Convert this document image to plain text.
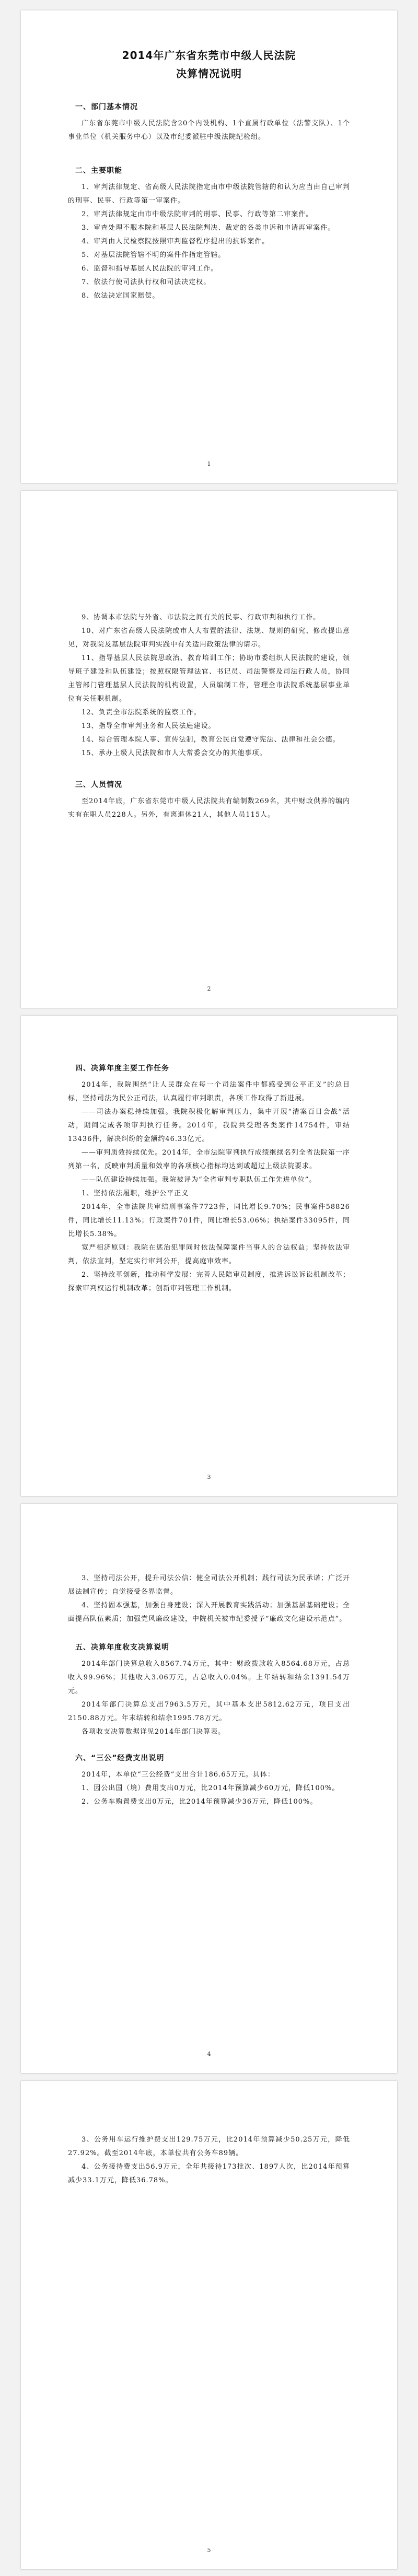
2014年广东省东莞市中级人民法院
决算情况说明
一、部门基本情况

广东省东莞市中级人民法院含20个内设机构、1个直属行政单位（法警支队）、1个事业单位（机关服务中心）以及市纪委派驻中级法院纪检组。

二、主要职能

1、审判法律规定、省高级人民法院指定由市中级法院管辖的和认为应当由自己审判的刑事、民事、行政等第一审案件。

2、审判法律规定由市中级法院审判的刑事、民事、行政等第二审案件。

3、审查处理不服本院和基层人民法院判决、裁定的各类申诉和申请再审案件。

4、审判由人民检察院按照审判监督程序提出的抗诉案件。

5、对基层法院管辖不明的案件作指定管辖。

6、监督和指导基层人民法院的审判工作。

7、依法行使司法执行权和司法决定权。

8、依法决定国家赔偿。

1

9、协调本市法院与外省、市法院之间有关的民事、行政审判和执行工作。

10、对广东省高级人民法院或市人大布置的法律、法规、规则的研究、修改提出意见，对我院及基层法院审判实践中有关适用政策法律的请示。

11、指导基层人民法院思政治、教育培训工作；协助市委组织人民法院的建设，领导班子建设和队伍建设；按照权限管理法官、书记员、司法警察及司法行政人员，协同主管部门管理基层人民法院的机构设置，人员编制工作，管理全市法院系统基层事业单位有关任职机制。

12、负责全市法院系统的监察工作。

13、指导全市审判业务和人民法庭建设。

14、综合管理本院人事、宣传法制，教育公民自觉遵守宪法、法律和社会公德。

15、承办上级人民法院和市人大常委会交办的其他事项。

三、人员情况

至2014年底，广东省东莞市中级人民法院共有编制数269名，其中财政供养的编内实有在职人员228人。另外，有离退休21人，其他人员115人。

2
四、决算年度主要工作任务

2014年，我院围绕“让人民群众在每一个司法案件中都感受到公平正义”的总目标，坚持司法为民公正司法，认真履行审判职责，各项工作取得了新进展。

——司法办案稳持续加强。我院积极化解审判压力，集中开展“清案百日会战”活动，期间完成各项审判执行任务。2014年，我院共受理各类案件14754件，审结13436件，解决纠纷的金额约46.33亿元。

——审判质效持续优先。2014年，全市法院审判执行成绩继续名列全省法院第一序列第一名，反映审判质量和效率的各项核心指标均达到或超过上级法院要求。

——队伍建设持续加强。我院被评为“全省审判专职队伍工作先进单位”。

1、坚持依法履职，维护公平正义

2014年，全市法院共审结刑事案件7723件，同比增长9.70%；民事案件58826件，同比增长11.13%；行政案件701件，同比增长53.06%；执结案件33095件，同比增长5.38%。

宽严相济原则：我院在惩治犯罪同时依法保障案件当事人的合法权益；坚持依法审判，依法宣判，坚定实行审判公开，提高庭审效率。

2、坚持改革创新，推动科学发展：完善人民陪审员制度，推进诉讼诉讼机制改革；探索审判权运行机制改革；创新审判管理工作机制。

3

3、坚持司法公开，提升司法公信：健全司法公开机制；践行司法为民承诺；广泛开展法制宣传；自觉接受各界监督。

4、坚持固本强基，加强自身建设；深入开展教育实践活动；加强基层基础建设；全面提高队伍素质；加强党风廉政建设，中院机关被市纪委授予“廉政文化建设示范点”。

五、决算年度收支决算说明

2014年部门决算总收入8567.74万元，其中：财政拨款收入8564.68万元，占总收入99.96%；其他收入3.06万元，占总收入0.04%。上年结转和结余1391.54万元。

2014年部门决算总支出7963.5万元，其中基本支出5812.62万元，项目支出2150.88万元。年末结转和结余1995.78万元。

各项收支决算数据详见2014年部门决算表。

六、“三公”经费支出说明

2014年，本单位“三公经费”支出合计186.65万元。具体：

1、因公出国（境）费用支出0万元，比2014年预算减少60万元，降低100%。

2、公务车购置费支出0万元，比2014年预算减少36万元，降低100%。

4

3、公务用车运行维护费支出129.75万元，比2014年预算减少50.25万元，降低27.92%。截至2014年底，本单位共有公务车89辆。

4、公务接待费支出56.9万元，全年共接待173批次、1897人次，比2014年预算减少33.1万元，降低36.78%。

5
